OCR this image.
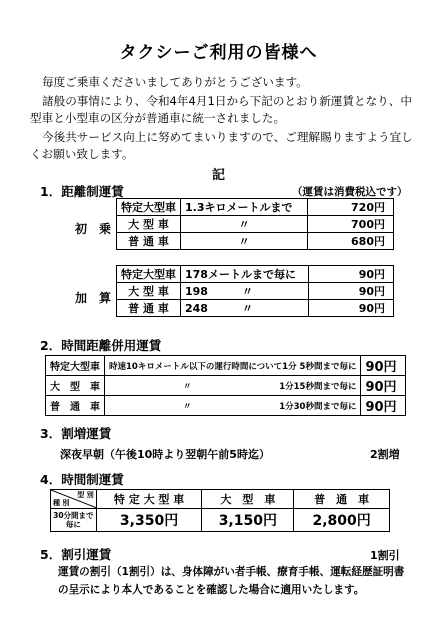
タクシーご利用の皆様へ
毎度ご乗車くださいましてありがとうございます。
諸般の事情により、令和4年4月1日から下記のとおり新運賃となり、中型車と小型車の区分が普通車に統一されました。
今後共サービス向上に努めてまいりますので、ご理解賜りますよう宜しくお願い致します。
記
1．距離制運賃	（運賃は消費税込です）
初　乗
特定大型車	1.3キロメートルまで	720円
大 型 車	〃	700円
普 通 車	〃	680円
加　算
特定大型車	178メートルまで毎に	90円
大 型 車	198 〃	90円
普 通 車	248 〃	90円
2．時間距離併用運賃
特定大型車	時速10キロメートル以下の運行時間について1分 5秒間まで毎に	90円
大　型　車	〃 1分15秒間まで毎に	90円
普　通　車	〃 1分30秒間まで毎に	90円
3．割増運賃
深夜早朝（午後10時より翌朝午前5時迄）	2割増
4．時間制運賃
型 別
種 別	特 定 大 型 車	大　型　車	普　通　車
30分間まで毎に	3,350円	3,150円	2,800円
5．割引運賃	1割引
運賃の割引（1割引）は、身体障がい者手帳、療育手帳、運転経歴証明書
の呈示により本人であることを確認した場合に適用いたします。
